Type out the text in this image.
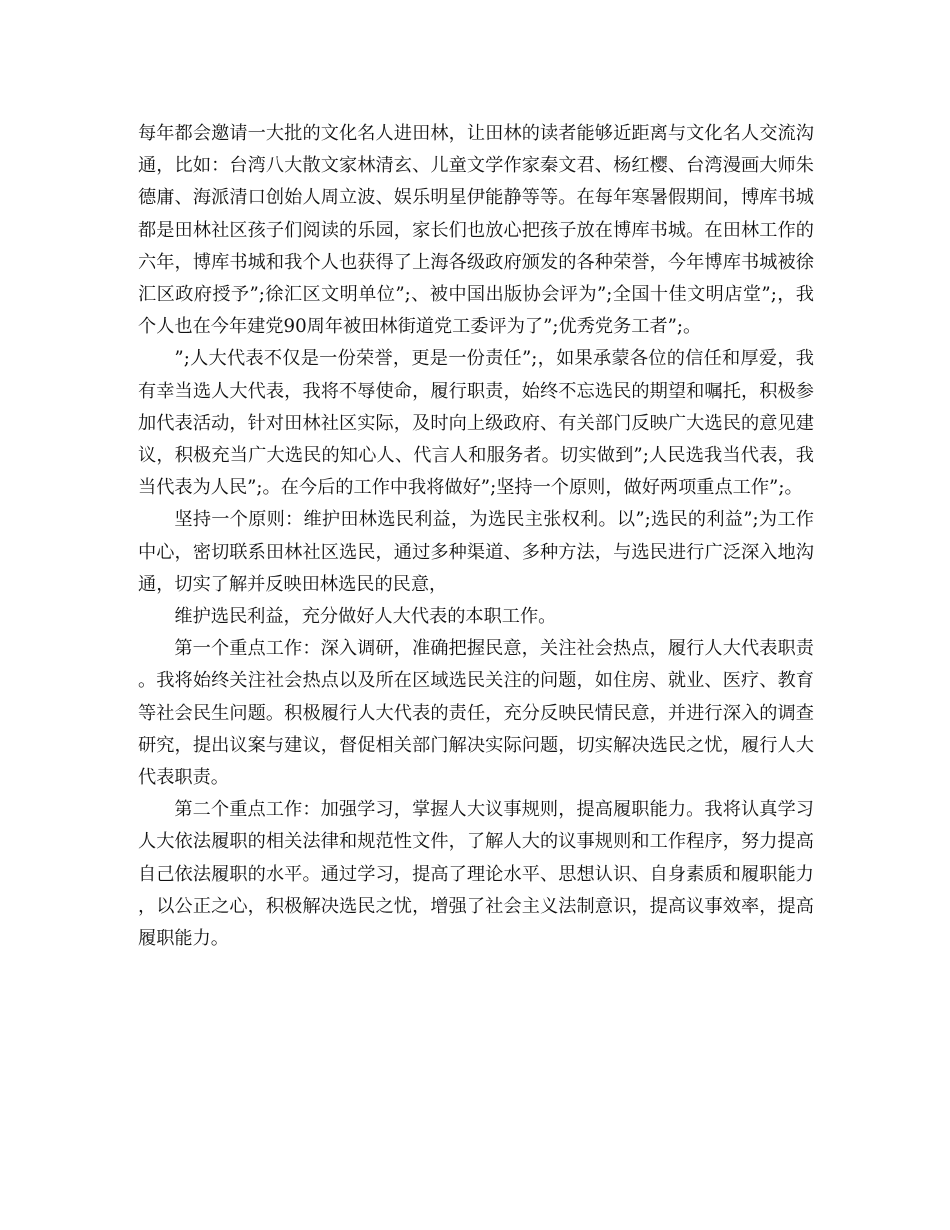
每年都会邀请一大批的文化名人进田林，让田林的读者能够近距离与文化名人交流沟通，比如：台湾八大散文家林清玄、儿童文学作家秦文君、杨红樱、台湾漫画大师朱德庸、海派清口创始人周立波、娱乐明星伊能静等等。在每年寒暑假期间，博库书城都是田林社区孩子们阅读的乐园，家长们也放心把孩子放在博库书城。在田林工作的六年，博库书城和我个人也获得了上海各级政府颁发的各种荣誉，今年博库书城被徐汇区政府授予”;徐汇区文明单位”;、被中国出版协会评为”;全国十佳文明店堂”;，我个人也在今年建党90周年被田林街道党工委评为了”;优秀党务工者”;。

”;人大代表不仅是一份荣誉，更是一份责任”;，如果承蒙各位的信任和厚爱，我有幸当选人大代表，我将不辱使命，履行职责，始终不忘选民的期望和嘱托，积极参加代表活动，针对田林社区实际，及时向上级政府、有关部门反映广大选民的意见建议，积极充当广大选民的知心人、代言人和服务者。切实做到”;人民选我当代表，我当代表为人民”;。在今后的工作中我将做好”;坚持一个原则，做好两项重点工作”;。

坚持一个原则：维护田林选民利益，为选民主张权利。以”;选民的利益”;为工作中心，密切联系田林社区选民，通过多种渠道、多种方法，与选民进行广泛深入地沟通，切实了解并反映田林选民的民意，

维护选民利益，充分做好人大代表的本职工作。

第一个重点工作：深入调研，准确把握民意，关注社会热点，履行人大代表职责。我将始终关注社会热点以及所在区域选民关注的问题，如住房、就业、医疗、教育等社会民生问题。积极履行人大代表的责任，充分反映民情民意，并进行深入的调查研究，提出议案与建议，督促相关部门解决实际问题，切实解决选民之忧，履行人大代表职责。

第二个重点工作：加强学习，掌握人大议事规则，提高履职能力。我将认真学习人大依法履职的相关法律和规范性文件，了解人大的议事规则和工作程序，努力提高自己依法履职的水平。通过学习，提高了理论水平、思想认识、自身素质和履职能力，以公正之心，积极解决选民之忧，增强了社会主义法制意识，提高议事效率，提高履职能力。
